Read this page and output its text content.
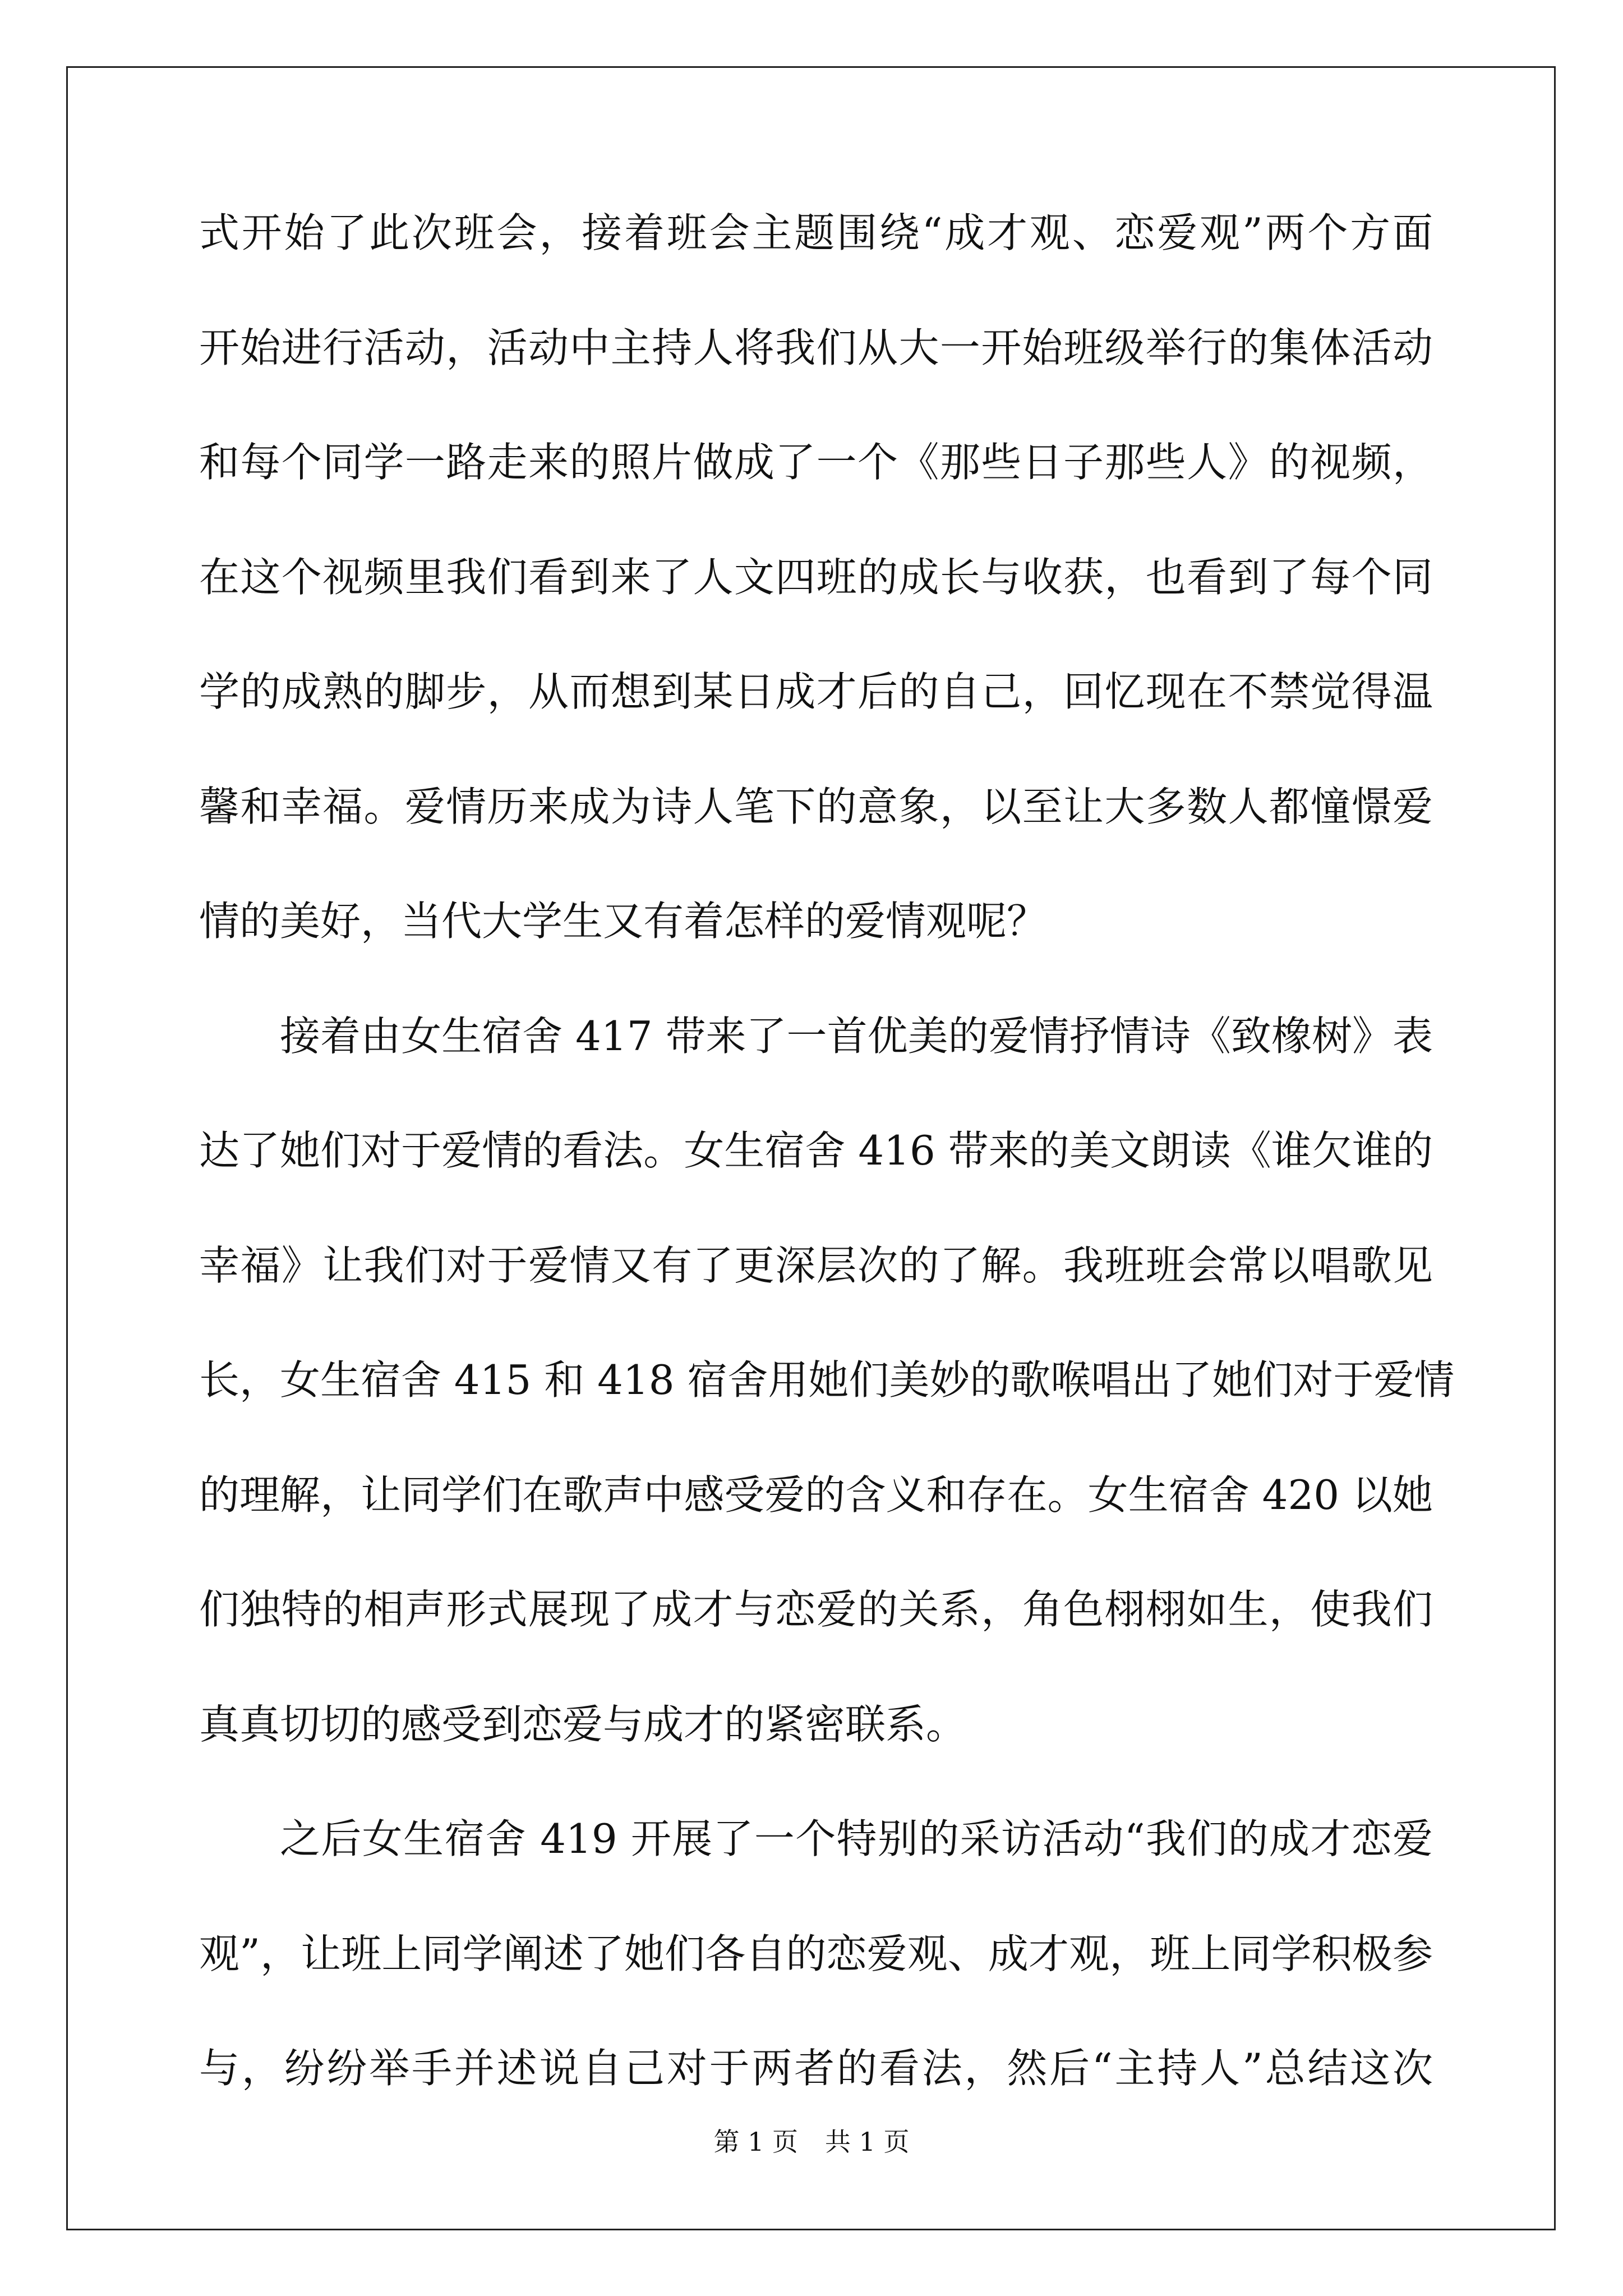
式开始了此次班会，接着班会主题围绕“成才观、恋爱观”两个方面
开始进行活动，活动中主持人将我们从大一开始班级举行的集体活动
和每个同学一路走来的照片做成了一个《那些日子那些人》的视频，
在这个视频里我们看到来了人文四班的成长与收获，也看到了每个同
学的成熟的脚步，从而想到某日成才后的自己，回忆现在不禁觉得温
馨和幸福。爱情历来成为诗人笔下的意象，以至让大多数人都憧憬爱
情的美好，当代大学生又有着怎样的爱情观呢？
接着由女生宿舍 417 带来了一首优美的爱情抒情诗《致橡树》表
达了她们对于爱情的看法。女生宿舍 416 带来的美文朗读《谁欠谁的
幸福》让我们对于爱情又有了更深层次的了解。我班班会常以唱歌见
长，女生宿舍 415 和 418 宿舍用她们美妙的歌喉唱出了她们对于爱情
的理解，让同学们在歌声中感受爱的含义和存在。女生宿舍 420 以她
们独特的相声形式展现了成才与恋爱的关系，角色栩栩如生，使我们
真真切切的感受到恋爱与成才的紧密联系。
之后女生宿舍 419 开展了一个特别的采访活动“我们的成才恋爱
观”，让班上同学阐述了她们各自的恋爱观、成才观，班上同学积极参
与，纷纷举手并述说自己对于两者的看法，然后“主持人”总结这次
第 1 页 共 1 页
